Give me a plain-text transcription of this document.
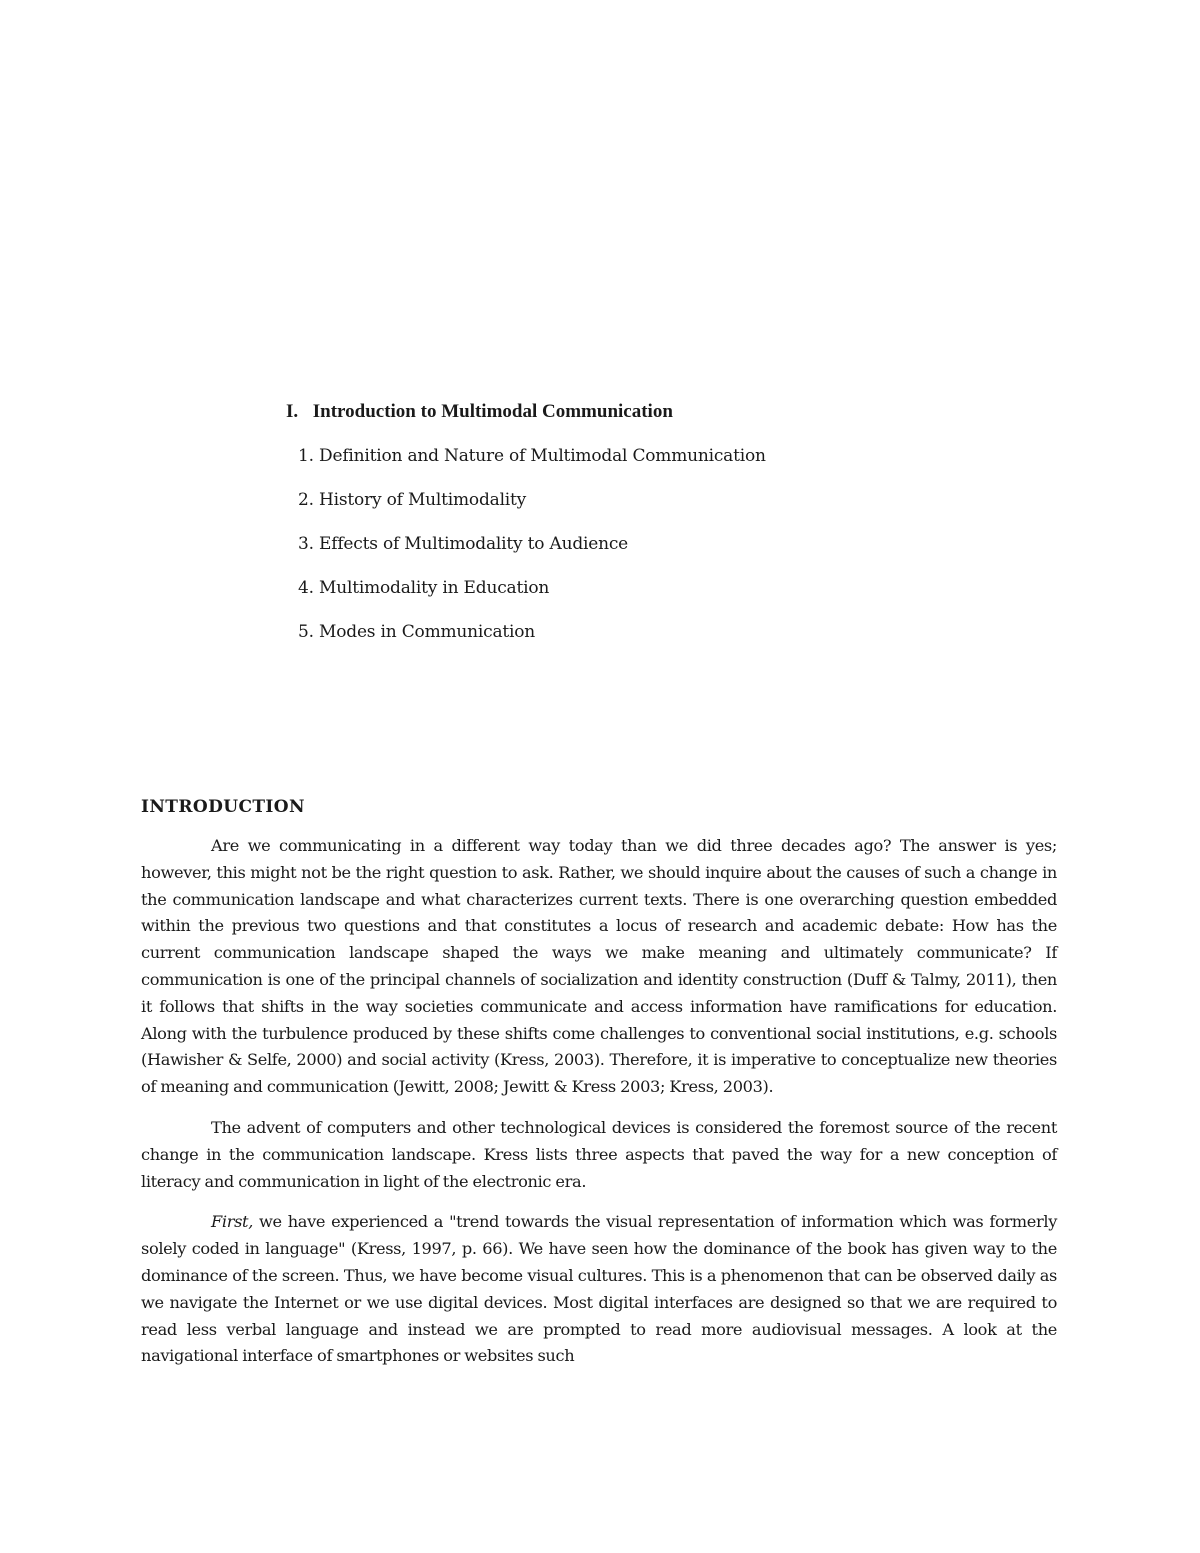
I. Introduction to Multimodal Communication
1. Definition and Nature of Multimodal Communication
2. History of Multimodality
3. Effects of Multimodality to Audience
4. Multimodality in Education
5. Modes in Communication
INTRODUCTION

Are we communicating in a different way today than we did three decades ago? The answer is yes; however, this might not be the right question to ask. Rather, we should inquire about the causes of such a change in the communication landscape and what characterizes current texts. There is one overarching question embedded within the previous two questions and that constitutes a locus of research and academic debate: How has the current communication landscape shaped the ways we make meaning and ultimately communicate? If communication is one of the principal channels of socialization and identity construction (Duff & Talmy, 2011), then it follows that shifts in the way societies communicate and access information have ramifications for education. Along with the turbulence produced by these shifts come challenges to conventional social institutions, e.g. schools (Hawisher & Selfe, 2000) and social activity (Kress, 2003). Therefore, it is imperative to conceptualize new theories of meaning and communication (Jewitt, 2008; Jewitt & Kress 2003; Kress, 2003).

The advent of computers and other technological devices is considered the foremost source of the recent change in the communication landscape. Kress lists three aspects that paved the way for a new conception of literacy and communication in light of the electronic era.

First, we have experienced a "trend towards the visual representation of information which was formerly solely coded in language" (Kress, 1997, p. 66). We have seen how the dominance of the book has given way to the dominance of the screen. Thus, we have become visual cultures. This is a phenomenon that can be observed daily as we navigate the Internet or we use digital devices. Most digital interfaces are designed so that we are required to read less verbal language and instead we are prompted to read more audiovisual messages. A look at the navigational interface of smartphones or websites such
